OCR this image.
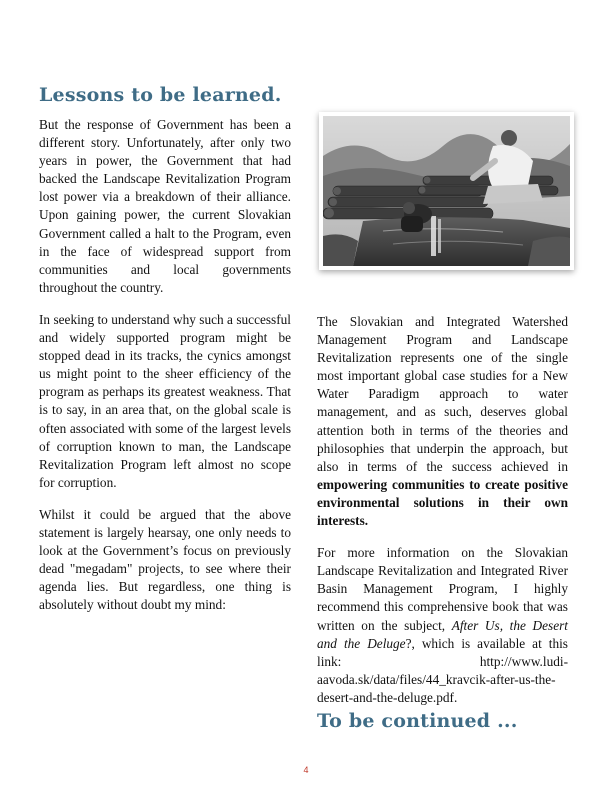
Lessons to be learned.

But the response of Government has been a different story. Unfortunately, after only two years in power, the Government that had backed the Landscape Revitalization Program lost power via a breakdown of their alliance. Upon gaining power, the current Slovakian Government called a halt to the Program, even in the face of widespread support from communities and local governments throughout the country.

In seeking to understand why such a successful and widely supported program might be stopped dead in its tracks, the cynics amongst us might point to the sheer efficiency of the program as perhaps its greatest weakness. That is to say, in an area that, on the global scale is often associated with some of the largest levels of corruption known to man, the Landscape Revitalization Program left almost no scope for corruption.

Whilst it could be argued that the above statement is largely hearsay, one only needs to look at the Government’s focus on previously dead "megadam" projects, to see where their agenda lies. But regardless, one thing is absolutely without doubt my mind:

The Slovakian and Integrated Watershed Management Program and Landscape Revitalization represents one of the single most important global case studies for a New Water Paradigm approach to water management, and as such, deserves global attention both in terms of the theories and philosophies that underpin the approach, but also in terms of the success achieved in empowering communities to create positive environmental solutions in their own interests.

For more information on the Slovakian Landscape Revitalization and Integrated River Basin Management Program, I highly recommend this comprehensive book that was written on the subject, After Us, the Desert and the Deluge?, which is available at this link: http://www.ludi-aavoda.sk/data/files/44_kravcik-after-us-the- desert-and-the-deluge.pdf.

To be continued ...
4
